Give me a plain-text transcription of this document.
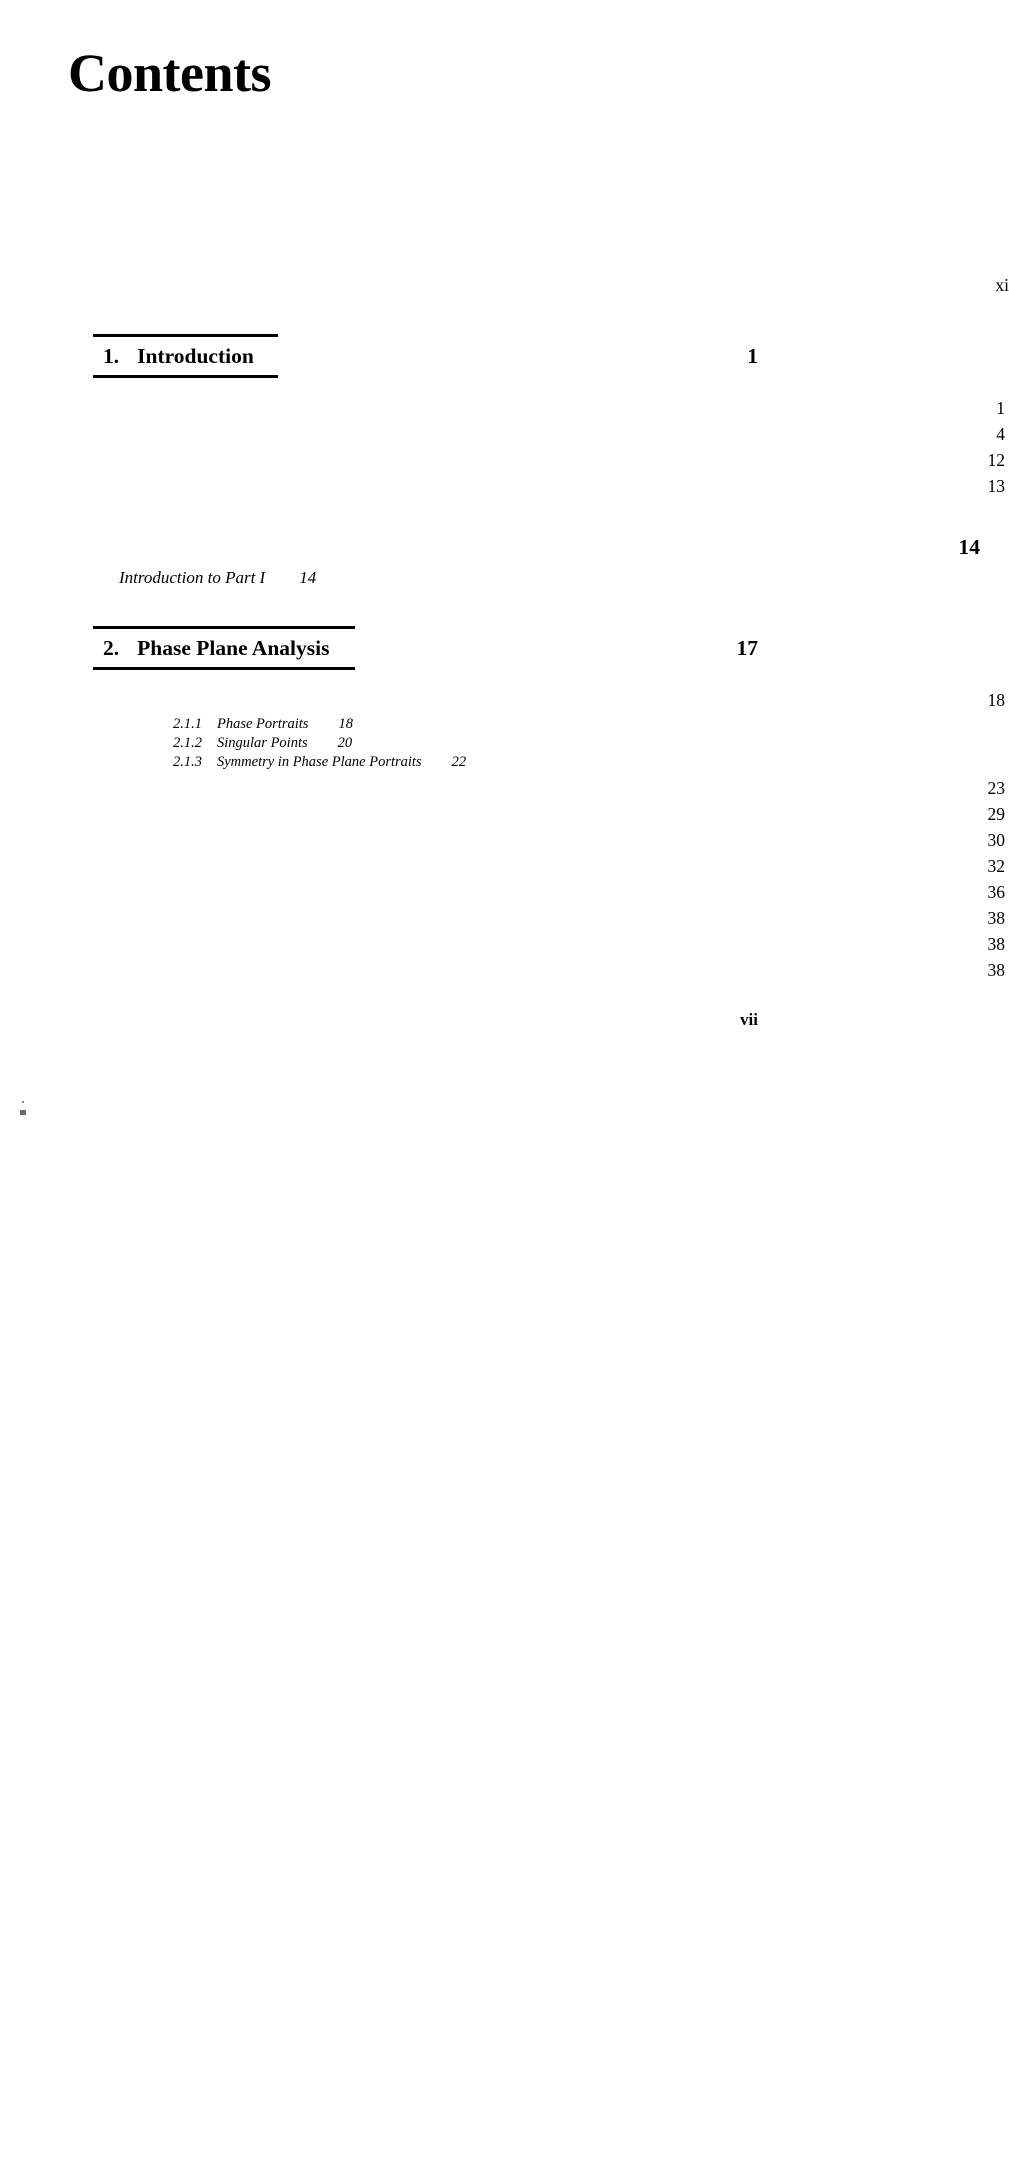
Contents
xi
1. Introduction	1
1
4
12
13
14
Introduction to Part I	14
2. Phase Plane Analysis	17
18
2.1.1	Phase Portraits	18
2.1.2	Singular Points	20
2.1.3	Symmetry in Phase Plane Portraits	22
23
29
30
32
36
38
38
38
vii
